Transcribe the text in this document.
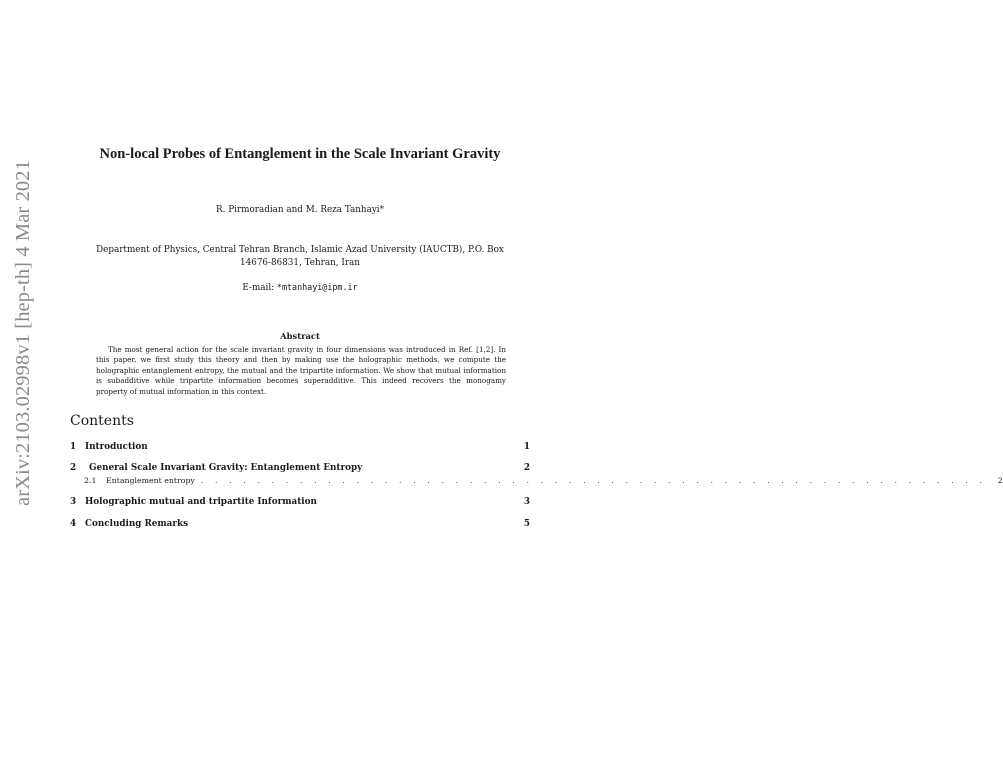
arXiv:2103.02998v1 [hep-th] 4 Mar 2021
Non-local Probes of Entanglement in the Scale Invariant Gravity
R. Pirmoradian and M. Reza Tanhayi*
Department of Physics, Central Tehran Branch, Islamic Azad University (IAUCTB), P.O. Box
14676-86831, Tehran, Iran
E-mail: *mtanhayi@ipm.ir
Abstract

The most general action for the scale invariant gravity in four dimensions was introduced in Ref. [1,2]. In this paper, we first study this theory and then by making use the holographic methods, we compute the holographic entanglement entropy, the mutual and the tripartite information. We show that mutual information is subadditive while tripartite information becomes superadditive. This indeed recovers the monogamy property of mutual information in this context.

Contents
1	Introduction	1
2	General Scale Invariant Gravity: Entanglement Entropy	2
2.1	Entanglement entropy . . . . . . . . . . . . . . . . . . . . . . . . . . . . . . . . . . . . . . . . . . . . . . . . . . . . . . . .	2
3	Holographic mutual and tripartite Information	3
4	Concluding Remarks	5
